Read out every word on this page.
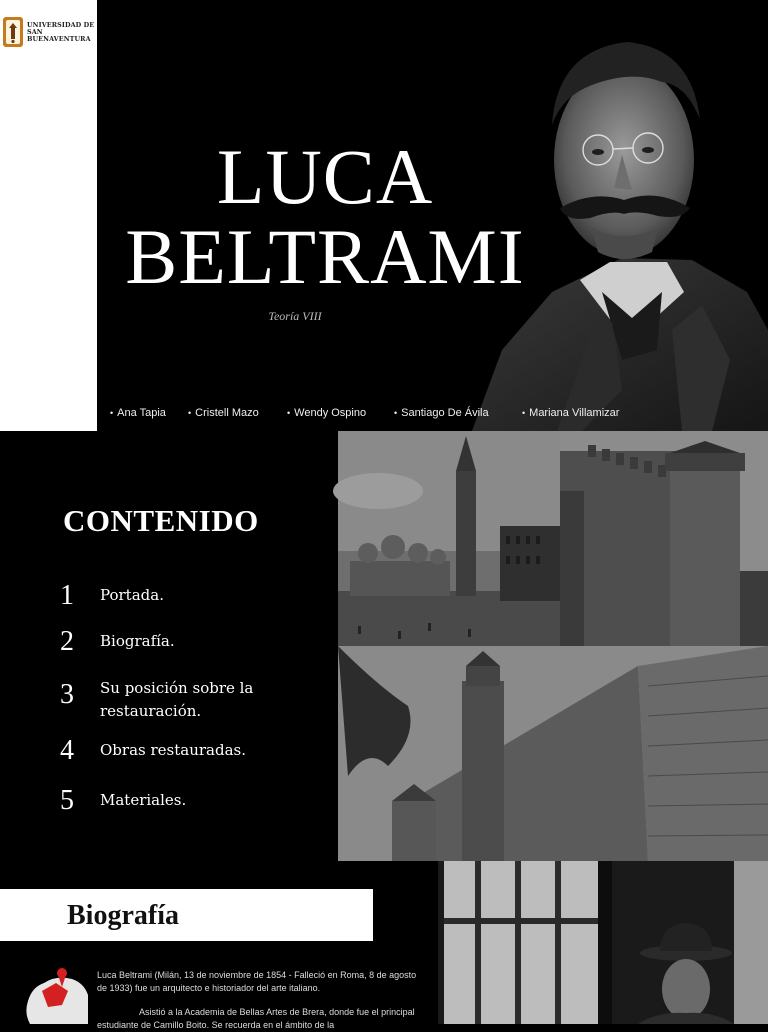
UNIVERSIDAD DE
SAN BUENAVENTURA
LUCA
BELTRAMI
Teoría VIII
• Ana Tapia	• Cristell Mazo	• Wendy Ospino	• Santiago De Ávila	• Mariana Villamizar
CONTENIDO
1	Portada.
2	Biografía.
3	Su posición sobre la restauración.
4	Obras restauradas.
5	Materiales.
Biografía

Luca Beltrami (Milán, 13 de noviembre de 1854 - Falleció en Roma, 8 de agosto de 1933) fue un arquitecto e historiador del arte italiano.

Asistió a la Academia de Bellas Artes de Brera, donde fue el principal estudiante de Camillo Boito. Se recuerda en el ámbito de la
